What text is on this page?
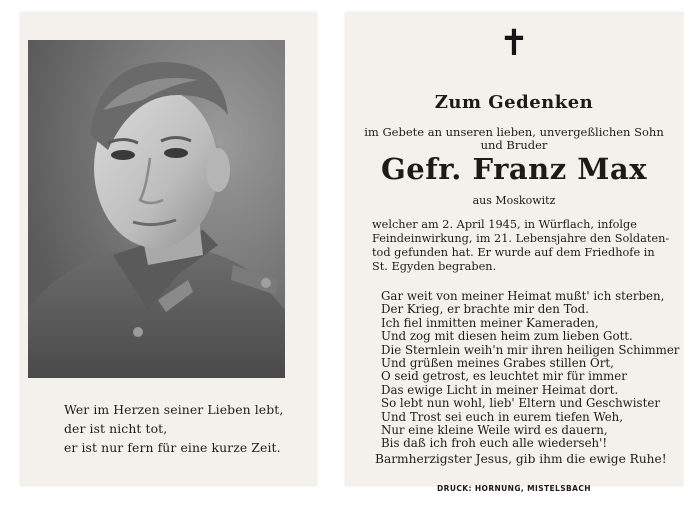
Wer im Herzen seiner Lieben lebt,
der ist nicht tot,
er ist nur fern für eine kurze Zeit.
✝
Zum Gedenken
im Gebete an unseren lieben, unvergeßlichen Sohn
und Bruder
Gefr. Franz Max
aus Moskowitz
welcher am 2. April 1945, in Würflach, infolge
Feindeinwirkung, im 21. Lebensjahre den Soldaten-
tod gefunden hat. Er wurde auf dem Friedhofe in
St. Egyden begraben.
Gar weit von meiner Heimat mußt' ich sterben,
Der Krieg, er brachte mir den Tod.
Ich fiel inmitten meiner Kameraden,
Und zog mit diesen heim zum lieben Gott.
Die Sternlein weih'n mir ihren heiligen Schimmer
Und grüßen meines Grabes stillen Ort,
O seid getrost, es leuchtet mir für immer
Das ewige Licht in meiner Heimat dort.
So lebt nun wohl, lieb' Eltern und Geschwister
Und Trost sei euch in eurem tiefen Weh,
Nur eine kleine Weile wird es dauern,
Bis daß ich froh euch alle wiederseh'!
Barmherzigster Jesus, gib ihm die ewige Ruhe!
DRUCK: HORNUNG, MISTELSBACH
